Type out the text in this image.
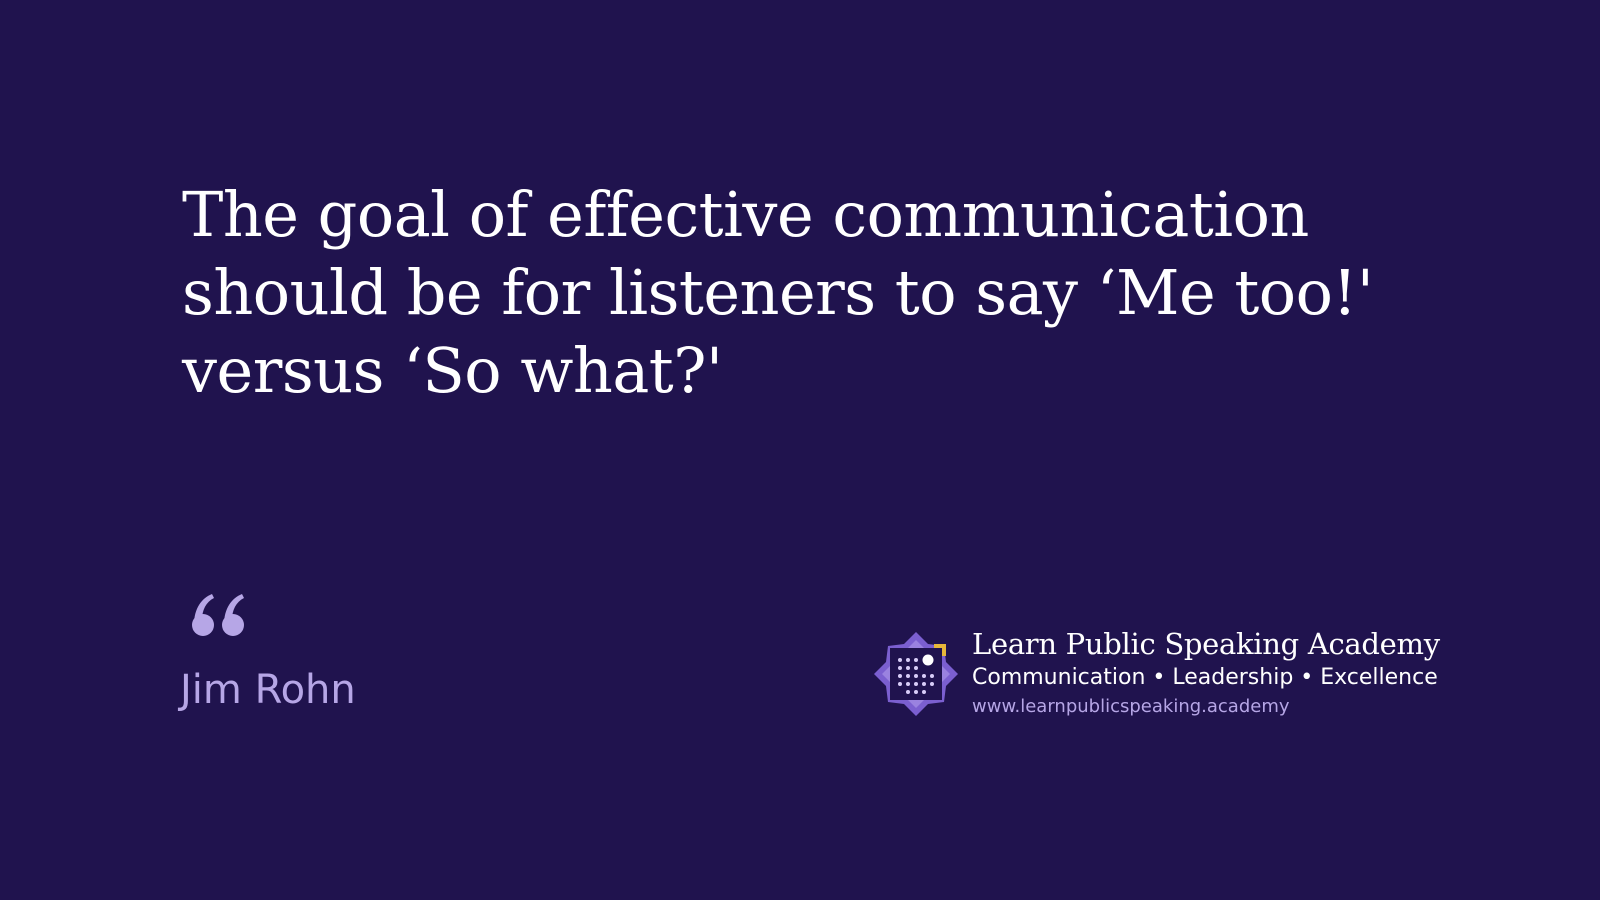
The goal of effective communication
should be for listeners to say ‘Me too!'
versus ‘So what?'

Jim Rohn

Learn Public Speaking Academy
Communication • Leadership • Excellence
www.learnpublicspeaking.academy
